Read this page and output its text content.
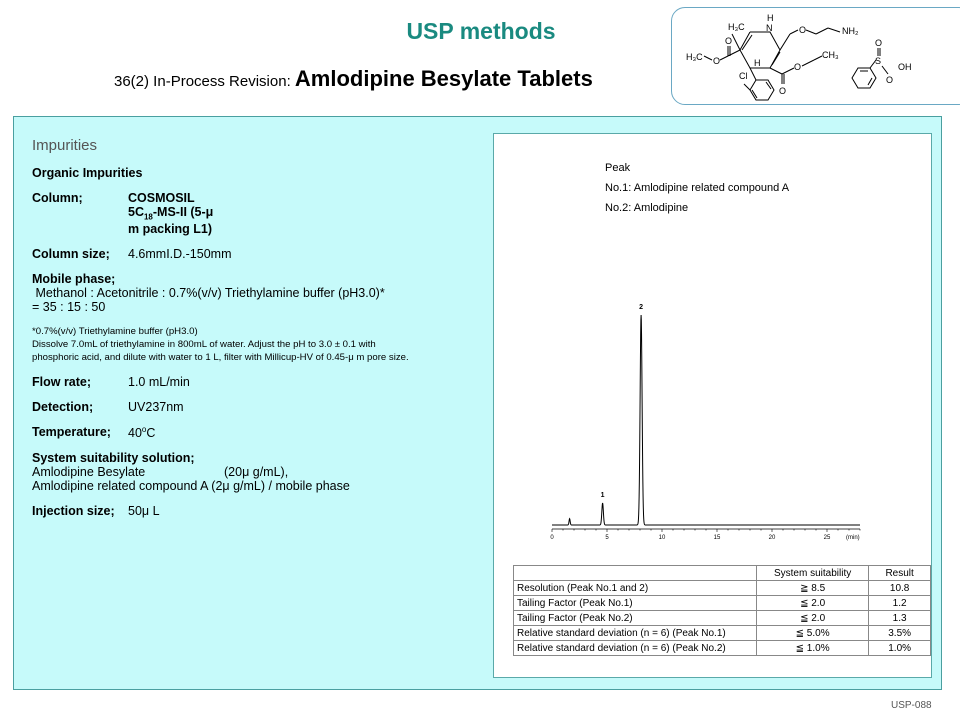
USP methods
36(2) In-Process Revision: Amlodipine Besylate Tablets
H₃C
H
N	O	NH₂
O
O
CH₃
O
O
H₃C
Cl
H	S
O
O
OH
Impurities
Organic Impurities
Column;	COSMOSIL $5C_{18}-MS-II$ (5-μ m packing L1)
Column size;	4.6mmI.D.-150mm
Mobile phase;
Methanol : Acetonitrile : 0.7%(v/v) Triethylamine buffer (pH3.0)*
= 35 : 15 : 50
*0.7%(v/v) Triethylamine buffer (pH3.0)
Dissolve 7.0mL of triethylamine in 800mL of water. Adjust the pH to 3.0 ± 0.1 with
phosphoric acid, and dilute with water to 1 L, filter with Millicup-HV of 0.45-μ m pore size.
Flow rate;	1.0 mL/min
Detection;	UV237nm
Temperature;	40$^o$C
System suitability solution;
Amlodipine Besylate	(20μ g/mL),
Amlodipine related compound A (2μ g/mL) / mobile phase
Injection size;	50μ L
Peak
No.1: Amlodipine related compound A
No.2: Amlodipine
0	5	10	15	20	25
1
2
(min)
	System suitability	Result
Resolution (Peak No.1 and 2)	≧ 8.5	10.8
Tailing Factor (Peak No.1)	≦ 2.0	1.2
Tailing Factor (Peak No.2)	≦ 2.0	1.3
Relative standard deviation (n = 6) (Peak No.1)	≦ 5.0%	3.5%
Relative standard deviation (n = 6) (Peak No.2)	≦ 1.0%	1.0%
USP-088
